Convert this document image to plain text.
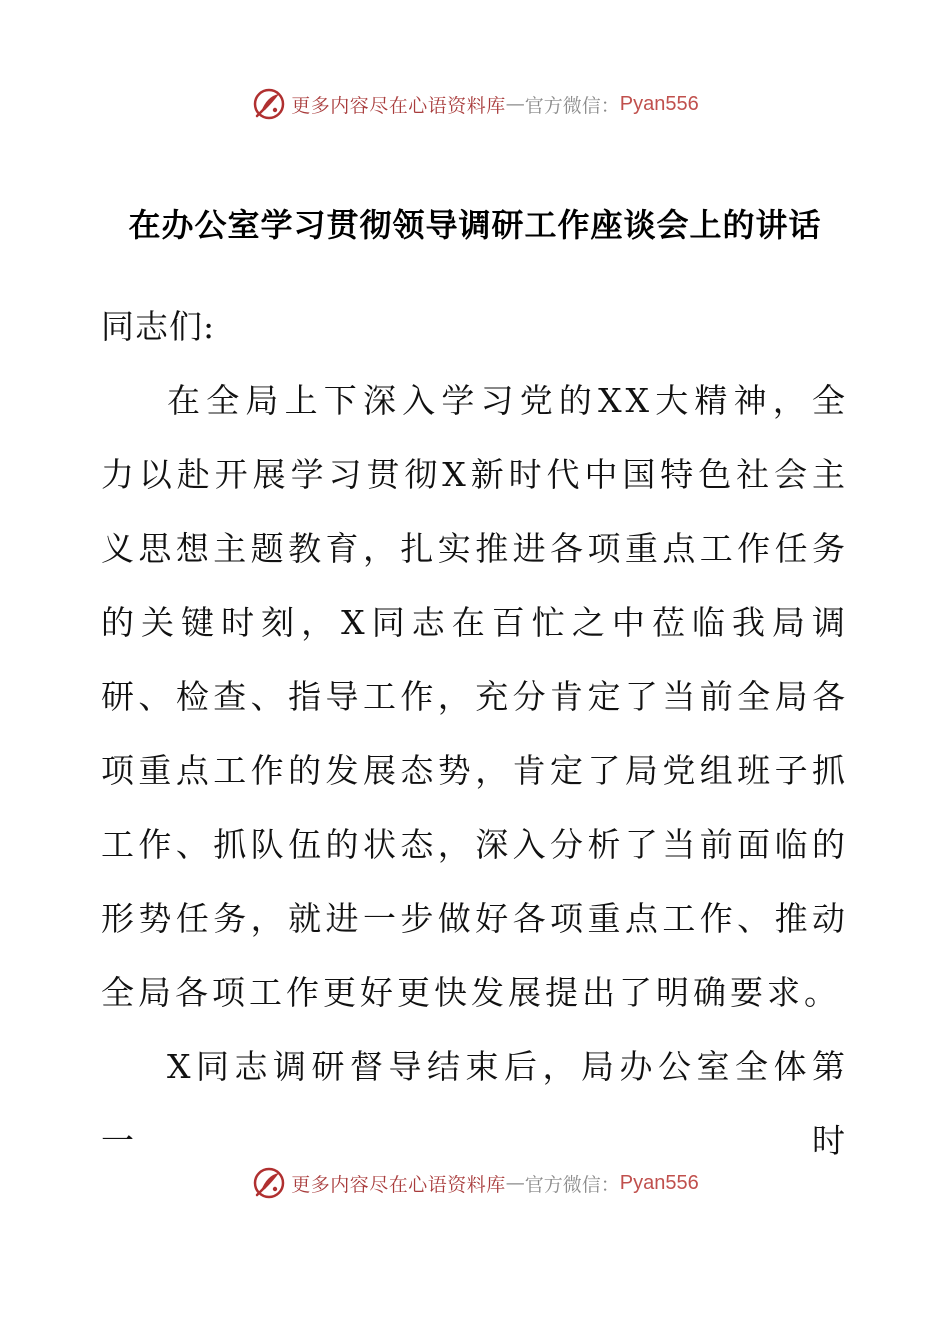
更多内容尽在心语资料库 — 官方微信： Pyan556
在办公室学习贯彻领导调研工作座谈会上的讲话

同志们:

在全局上下深入学习党的XX大精神，全力以赴开展学习贯彻X新时代中国特色社会主义思想主题教育，扎实推进各项重点工作任务的关键时刻，X同志在百忙之中莅临我局调研、检查、指导工作，充分肯定了当前全局各项重点工作的发展态势，肯定了局党组班子抓工作、抓队伍的状态，深入分析了当前面临的形势任务，就进一步做好各项重点工作、推动全局各项工作更好更快发展提出了明确要求。

X同志调研督导结束后，局办公室全体第一时

更多内容尽在心语资料库 — 官方微信： Pyan556
